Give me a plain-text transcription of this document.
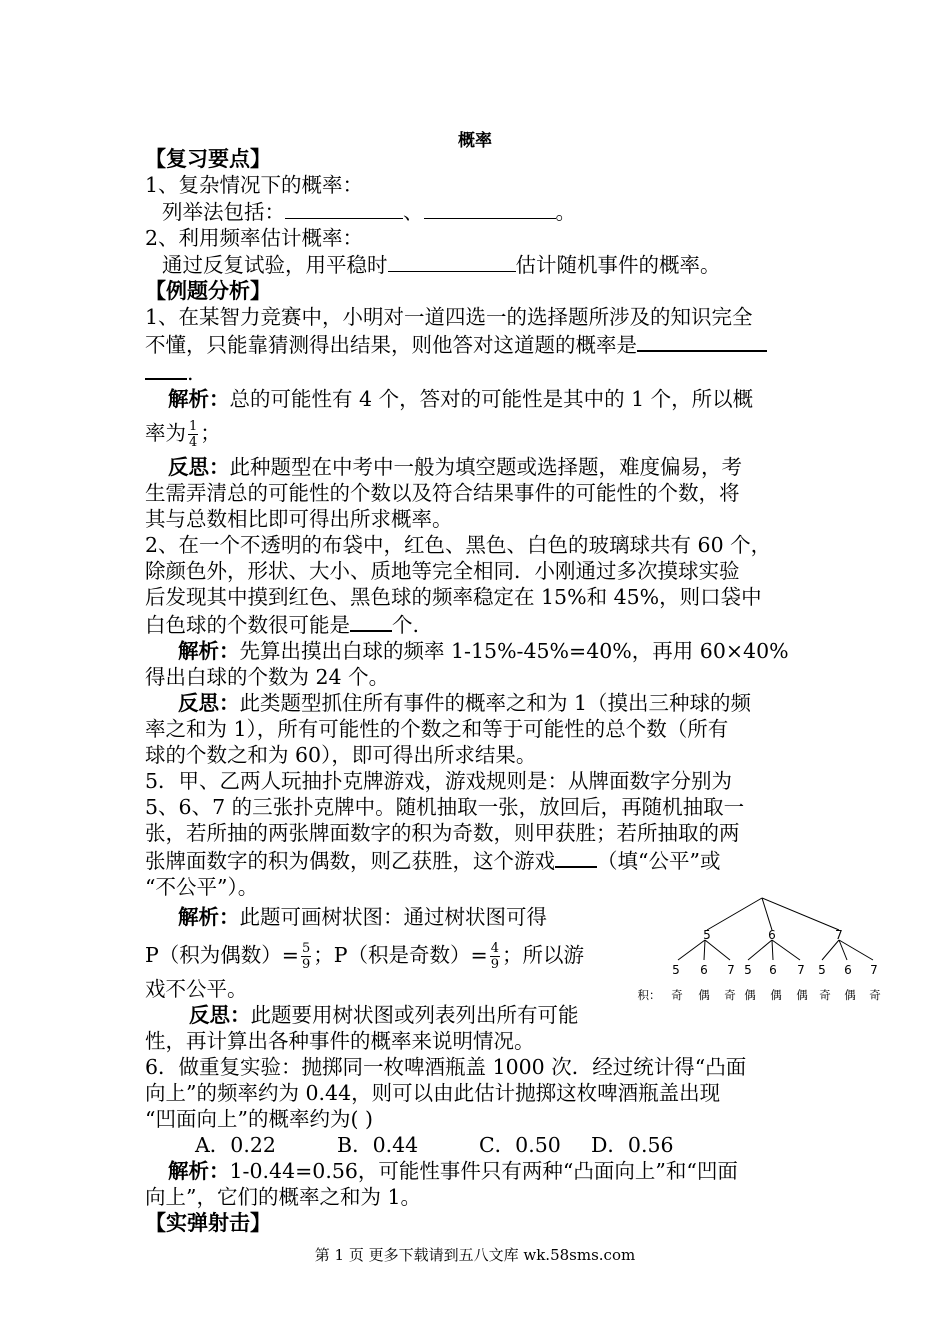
概率

【复习要点】

1、复杂情况下的概率：

列举法包括：	、	。

2、利用频率估计概率：

通过反复试验，用平稳时	估计随机事件的概率。

【例题分析】

1、在某智力竞赛中，小明对一道四选一的选择题所涉及的知识完全

不懂，只能靠猜测得出结果，则他答对这道题的概率是

.

解析：总的可能性有 4 个，答对的可能性是其中的 1 个，所以概

率为 $\frac{1}{4}$ ；

反思：此种题型在中考中一般为填空题或选择题，难度偏易，考

生需弄清总的可能性的个数以及符合结果事件的可能性的个数，将

其与总数相比即可得出所求概率。

2、在一个不透明的布袋中，红色、黑色、白色的玻璃球共有 60 个，

除颜色外，形状、大小、质地等完全相同．小刚通过多次摸球实验

后发现其中摸到红色、黑色球的频率稳定在 15%和 45%，则口袋中

白色球的个数很可能是 个.

解析：先算出摸出白球的频率 1-15%-45%=40%，再用 60×40%

得出白球的个数为 24 个。

反思：此类题型抓住所有事件的概率之和为 1（摸出三种球的频

率之和为 1），所有可能性的个数之和等于可能性的总个数（所有

球的个数之和为 60），即可得出所求结果。

5．甲、乙两人玩抽扑克牌游戏，游戏规则是：从牌面数字分别为

5、6、7 的三张扑克牌中。随机抽取一张，放回后，再随机抽取一

张，若所抽的两张牌面数字的积为奇数，则甲获胜；若所抽取的两

张牌面数字的积为偶数，则乙获胜，这个游戏 （填“公平”或

“不公平”）。

解析：此题可画树状图：通过树状图可得

P（积为偶数）= $\frac{5}{9}$ ；P（积是奇数）= $\frac{4}{9}$ ；所以游

戏不公平。

反思：此题要用树状图或列表列出所有可能

性，再计算出各种事件的概率来说明情况。

6．做重复实验：抛掷同一枚啤酒瓶盖 1000 次．经过统计得“凸面

向上”的频率约为 0.44，则可以由此估计抛掷这枚啤酒瓶盖出现

“凹面向上”的概率约为( )

A．0.22	B．0.44	C．0.50 D．0.56

解析：1-0.44=0.56，可能性事件只有两种“凸面向上”和“凹面

向上”，它们的概率之和为 1。

【实弹射击】

5	6	7
5 6 7 5 6 7 5 6 7
积： 奇 偶 奇 偶 偶 偶 奇 偶 奇
第 1 页 更多下载请到五八文库 wk.58sms.com
